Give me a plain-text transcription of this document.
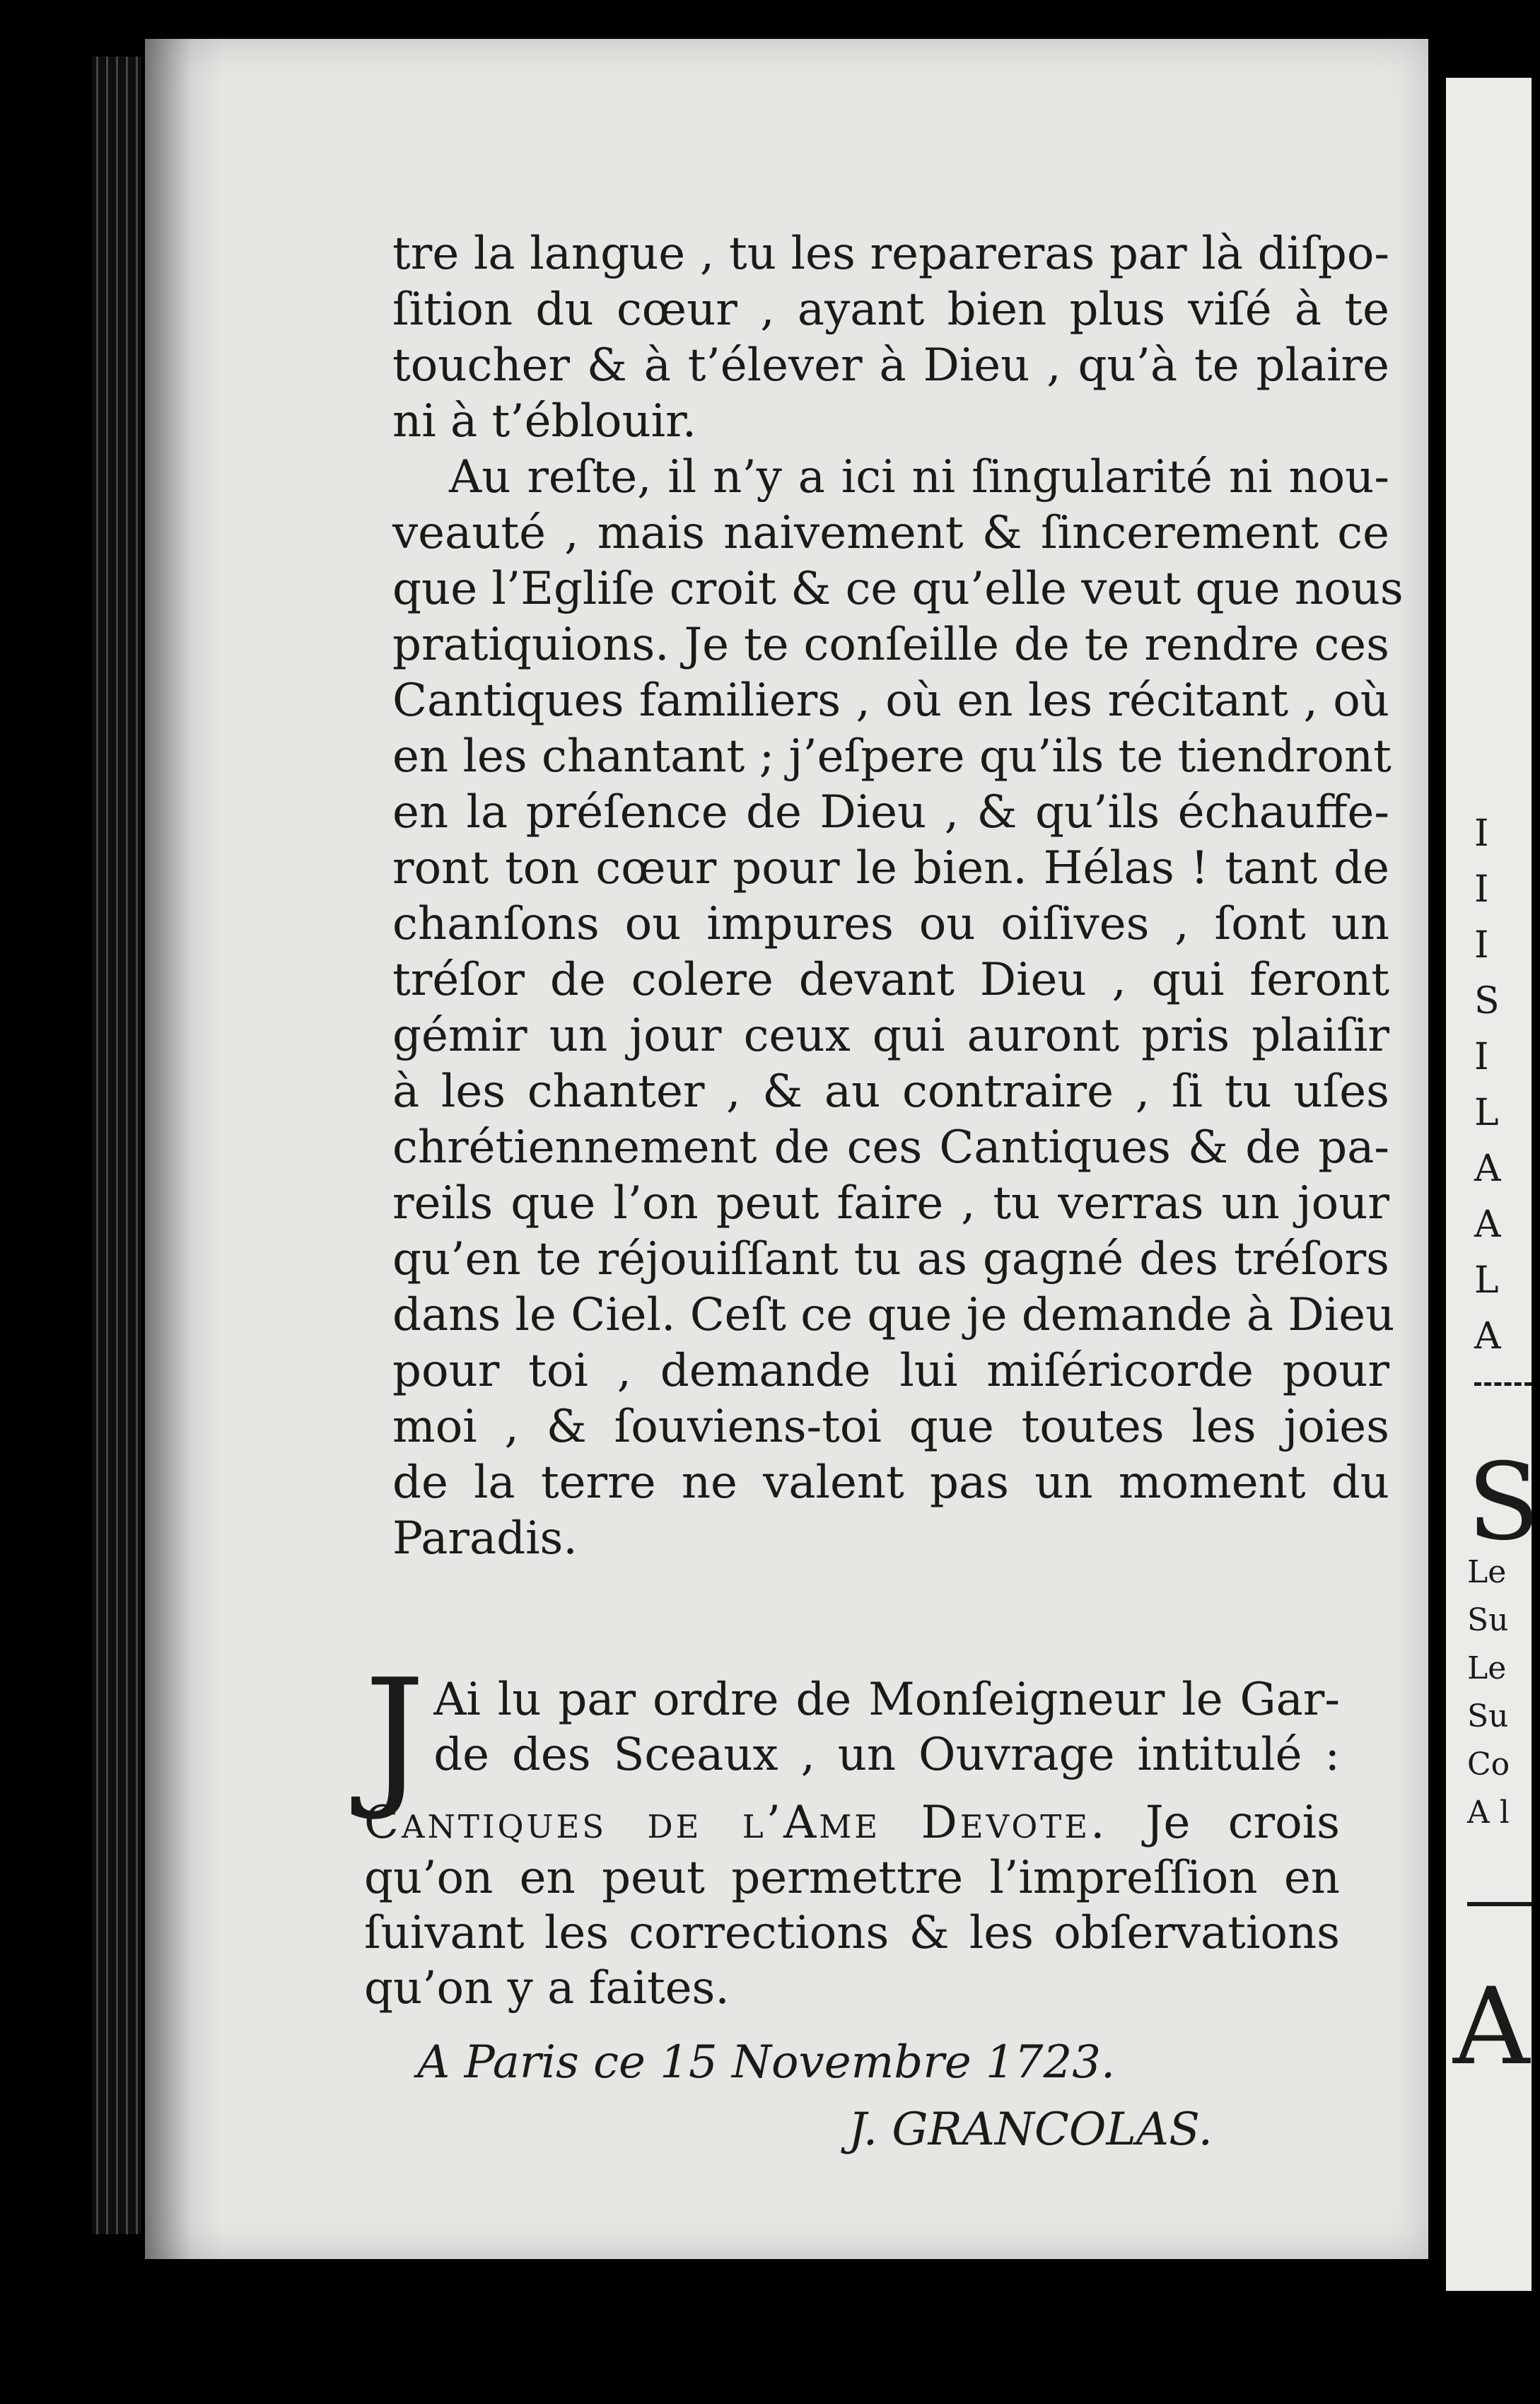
tre la langue , tu les repareras par là diſpo-

ſition du cœur , ayant bien plus viſé à te

toucher & à t’élever à Dieu , qu’à te plaire

ni à t’éblouir.

Au reſte, il n’y a ici ni ſingularité ni nou-

veauté , mais naivement & ſincerement ce

que l’Egliſe croit & ce qu’elle veut que nous

pratiquions. Je te conſeille de te rendre ces

Cantiques familiers , où en les récitant , où

en les chantant ; j’eſpere qu’ils te tiendront

en la préſence de Dieu , & qu’ils échauffe-

ront ton cœur pour le bien. Hélas ! tant de

chanſons ou impures ou oiſives , ſont un

tréſor de colere devant Dieu , qui feront

gémir un jour ceux qui auront pris plaiſir

à les chanter , & au contraire , ſi tu uſes

chrétiennement de ces Cantiques & de pa-

reils que l’on peut faire , tu verras un jour

qu’en te réjouiſſant tu as gagné des tréſors

dans le Ciel. Ceſt ce que je demande à Dieu

pour toi , demande lui miſéricorde pour

moi , & ſouviens-toi que toutes les joies

de la terre ne valent pas un moment du

Paradis.

J Ai lu par ordre de Monſeigneur le Gar-

de des Sceaux , un Ouvrage intitulé :

Cantiques de l’Ame Devote. Je crois

qu’on en peut permettre l’impreſſion en

ſuivant les corrections & les obſervations

qu’on y a faites.

A Paris ce 15 Novembre 1723.
J. GRANCOLAS.
I
I
I
S
I
L
A
A
L
A
S
Le
Su
Le
Su
Co
A l
A
